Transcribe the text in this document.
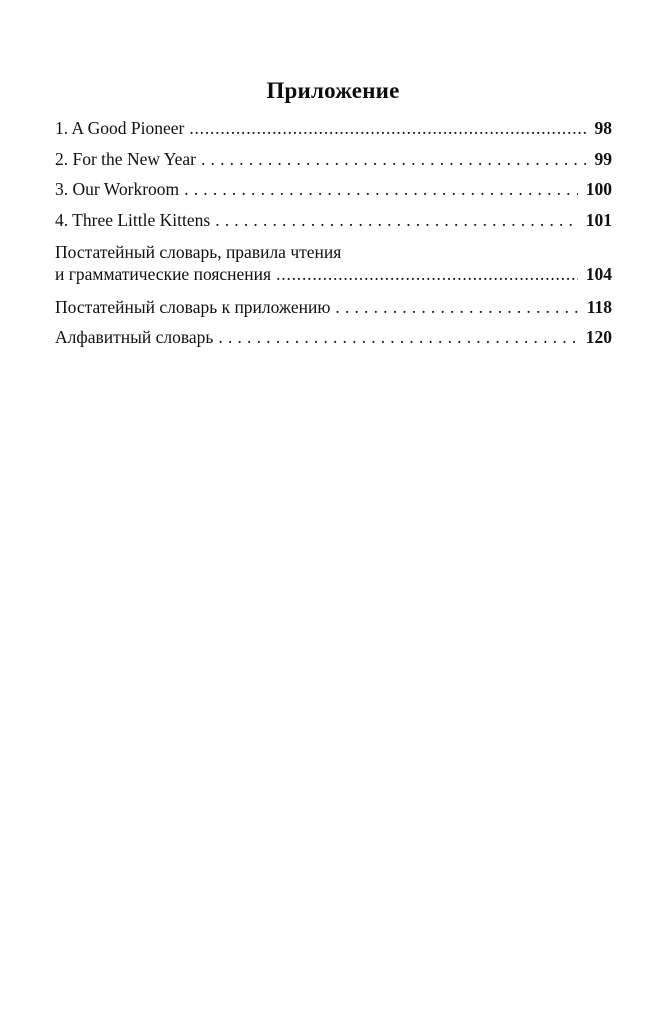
Приложение
1. A Good Pioneer .....	98
2. For the New Year . . .	99
3. Our Workroom . . .	100
4. Three Little Kittens . . .	101
Постатейный словарь, правила чтения
и грамматические пояснения .....	104
Постатейный словарь к приложению . . .	118
Алфавитный словарь . . .	120
